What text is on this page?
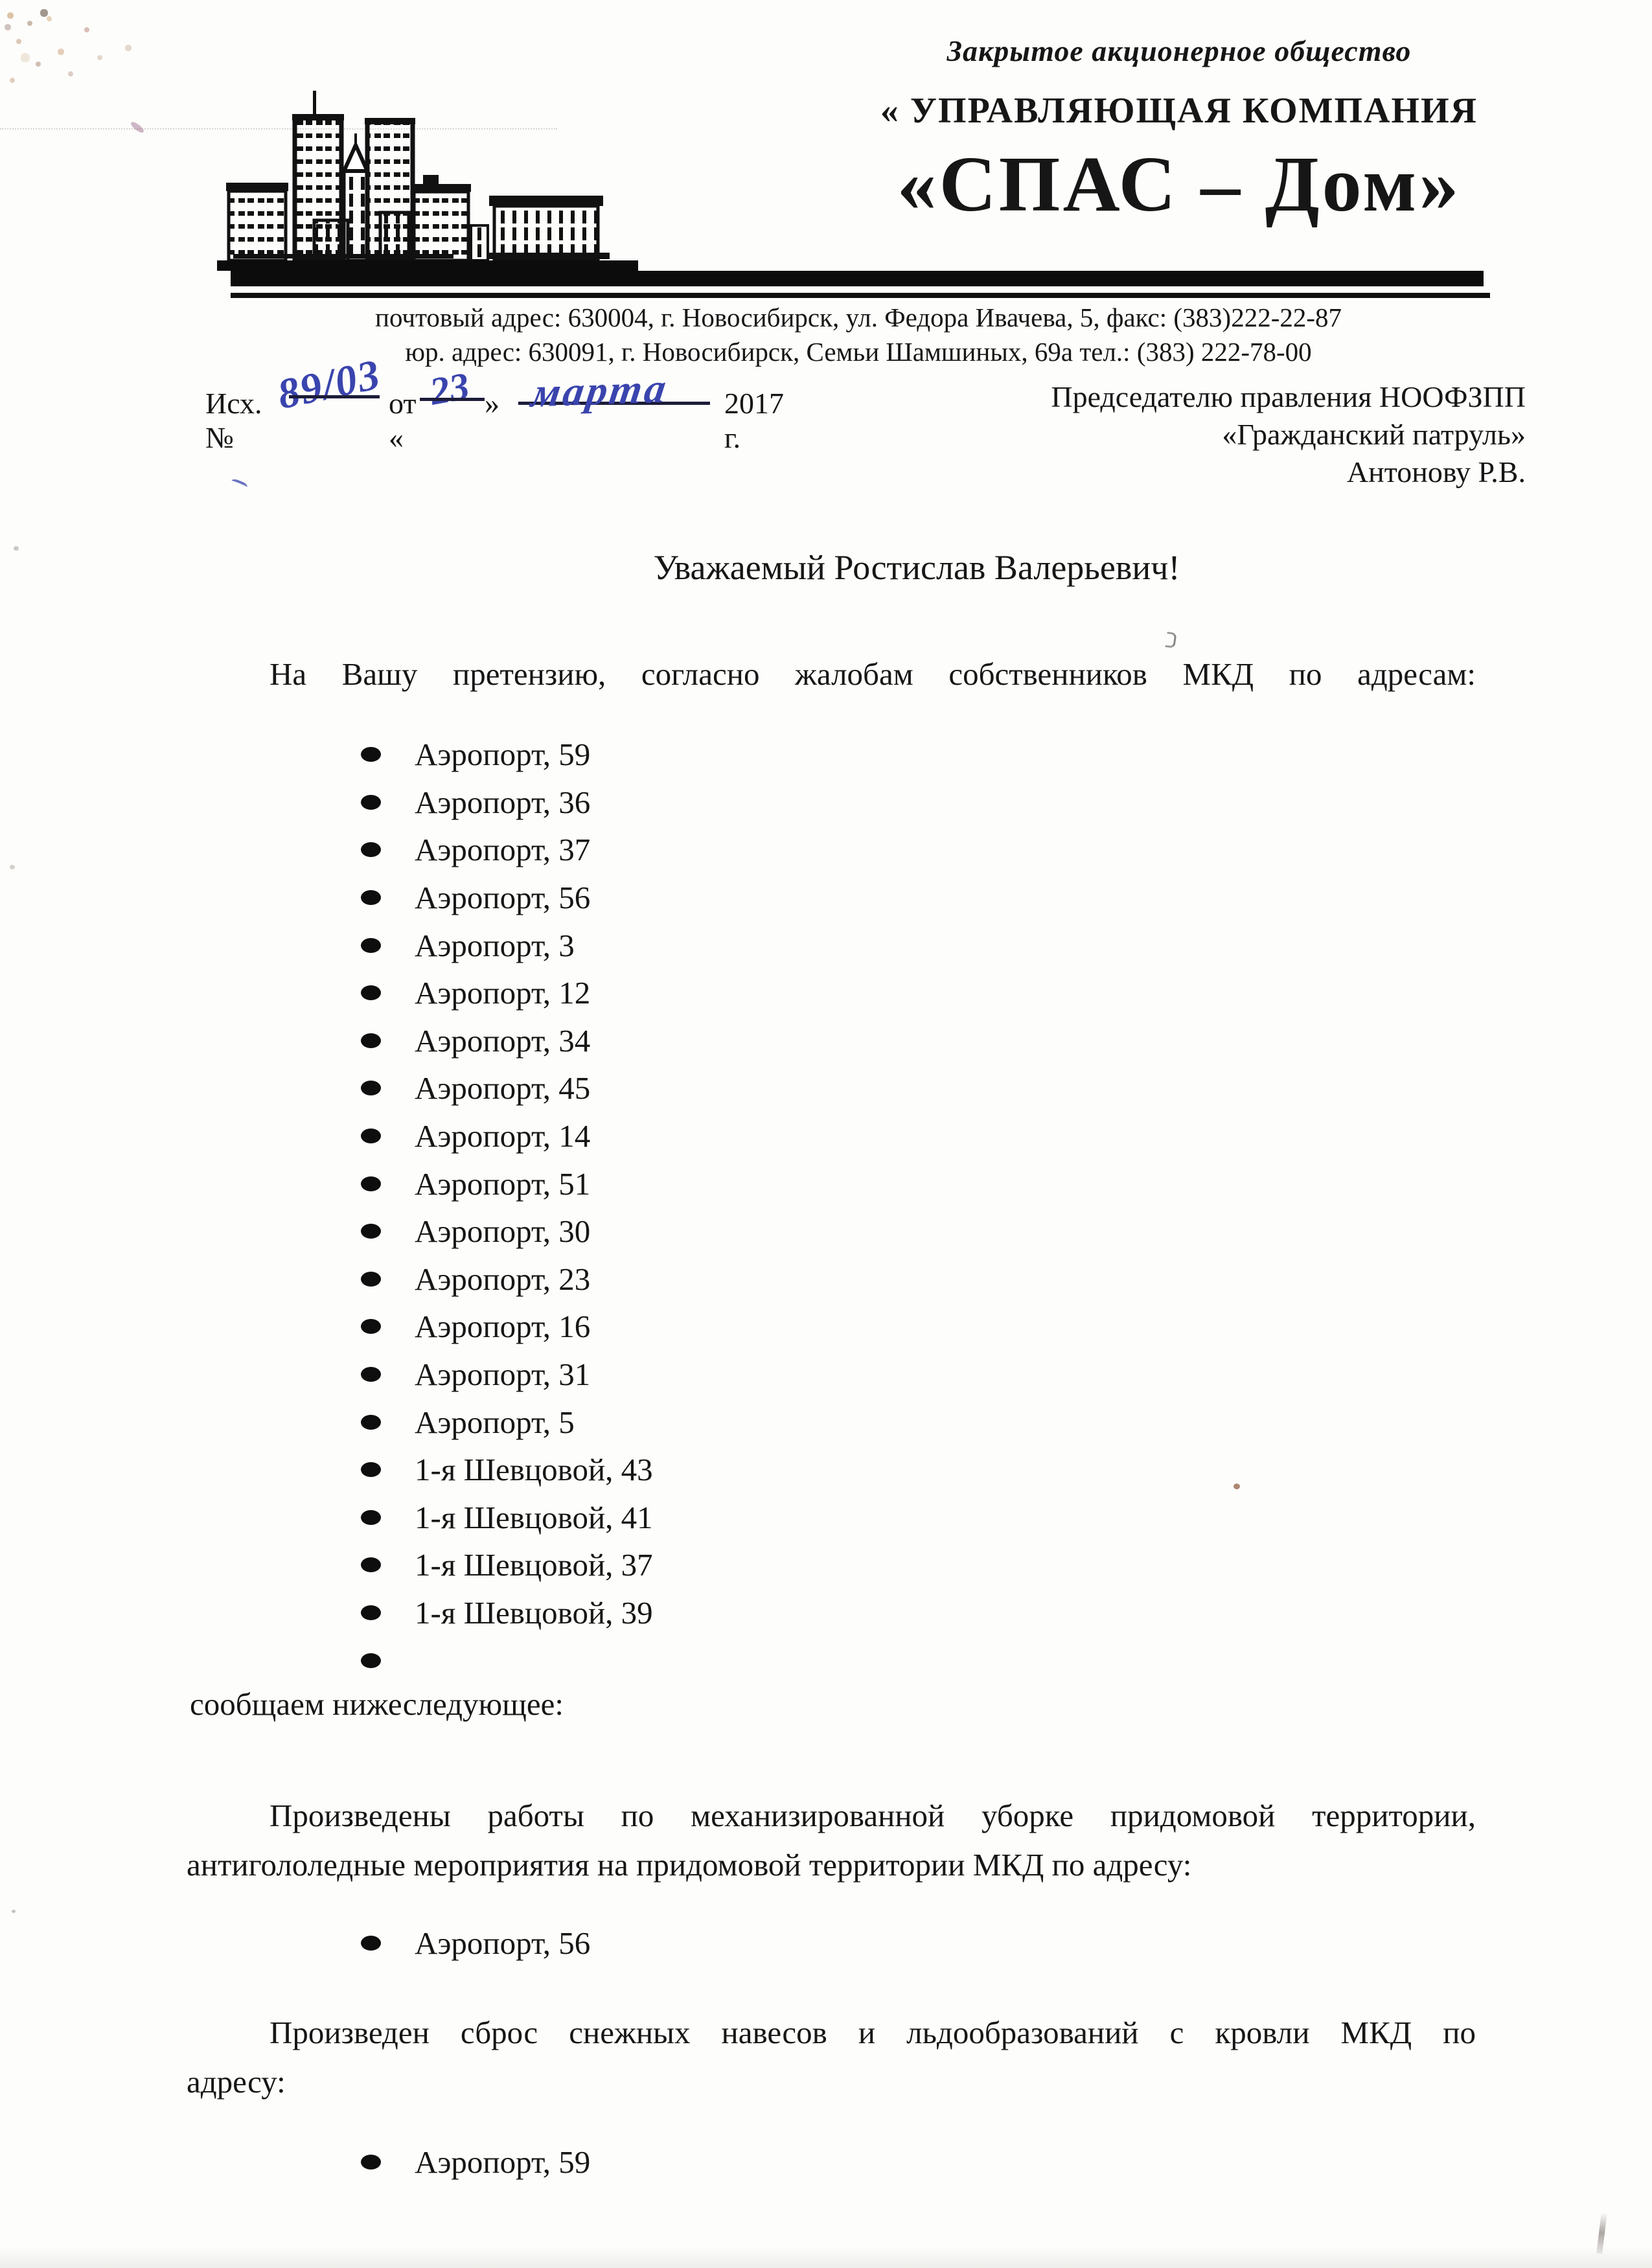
Закрытое акционерное общество
« УПРАВЛЯЮЩАЯ КОМПАНИЯ
«СПАС – Дом»
почтовый адрес: 630004, г. Новосибирск, ул. Федора Ивачева, 5, факс: (383)222-22-87
юр. адрес: 630091, г. Новосибирск, Семьи Шамшиных, 69а тел.: (383) 222-78-00
Исх. №
89/03 от «
23 » марта 2017 г.
Председателю правления НООФЗПП
«Гражданский патруль»
Антонову Р.В.
Уважаемый Ростислав Валерьевич!
На Вашу претензию, согласно жалобам собственников МКД по адресам:
Аэропорт, 59
Аэропорт, 36
Аэропорт, 37
Аэропорт, 56
Аэропорт, 3
Аэропорт, 12
Аэропорт, 34
Аэропорт, 45
Аэропорт, 14
Аэропорт, 51
Аэропорт, 30
Аэропорт, 23
Аэропорт, 16
Аэропорт, 31
Аэропорт, 5
1-я Шевцовой, 43
1-я Шевцовой, 41
1-я Шевцовой, 37
1-я Шевцовой, 39
сообщаем нижеследующее:
Произведены работы по механизированной уборке придомовой территории,
антигололедные мероприятия на придомовой территории МКД по адресу:
Аэропорт, 56
Произведен сброс снежных навесов и льдообразований с кровли МКД по
адресу:
Аэропорт, 59
